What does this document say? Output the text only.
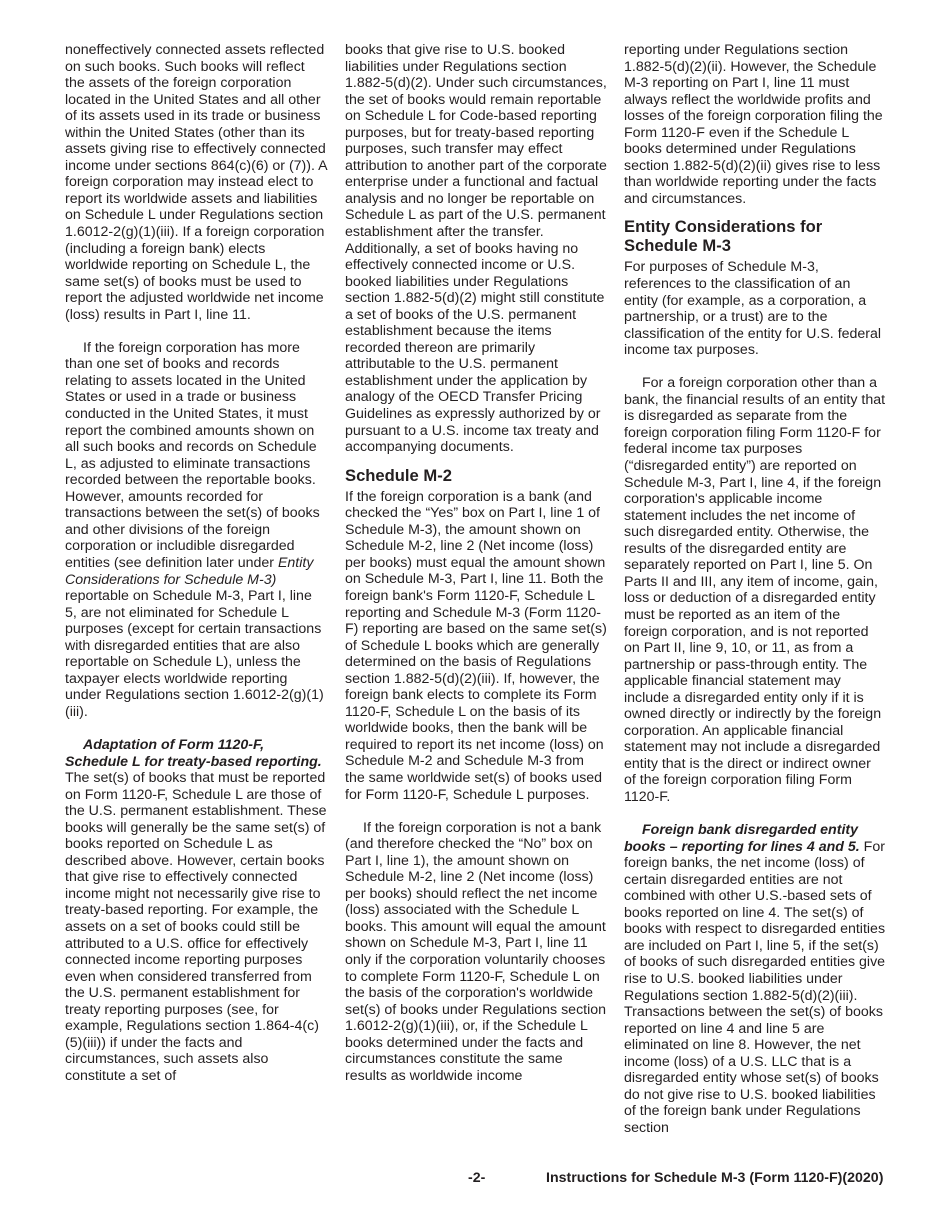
noneffectively connected assets reflected on such books. Such books will reflect the assets of the foreign corporation located in the United States and all other of its assets used in its trade or business within the United States (other than its assets giving rise to effectively connected income under sections 864(c)(6) or (7)). A foreign corporation may instead elect to report its worldwide assets and liabilities on Schedule L under Regulations section 1.6012-2(g)(1)(iii). If a foreign corporation (including a foreign bank) elects worldwide reporting on Schedule L, the same set(s) of books must be used to report the adjusted worldwide net income (loss) results in Part I, line 11.

If the foreign corporation has more than one set of books and records relating to assets located in the United States or used in a trade or business conducted in the United States, it must report the combined amounts shown on all such books and records on Schedule L, as adjusted to eliminate transactions recorded between the reportable books. However, amounts recorded for transactions between the set(s) of books and other divisions of the foreign corporation or includible disregarded entities (see definition later under Entity Considerations for Schedule M-3) reportable on Schedule M-3, Part I, line 5, are not eliminated for Schedule L purposes (except for certain transactions with disregarded entities that are also reportable on Schedule L), unless the taxpayer elects worldwide reporting under Regulations section 1.6012-2(g)(1)(iii).

Adaptation of Form 1120-F, Schedule L for treaty-based reporting. The set(s) of books that must be reported on Form 1120-F, Schedule L are those of the U.S. permanent establishment. These books will generally be the same set(s) of books reported on Schedule L as described above. However, certain books that give rise to effectively connected income might not necessarily give rise to treaty-based reporting. For example, the assets on a set of books could still be attributed to a U.S. office for effectively connected income reporting purposes even when considered transferred from the U.S. permanent establishment for treaty reporting purposes (see, for example, Regulations section 1.864-4(c)(5)(iii)) if under the facts and circumstances, such assets also constitute a set of

books that give rise to U.S. booked liabilities under Regulations section 1.882-5(d)(2). Under such circumstances, the set of books would remain reportable on Schedule L for Code-based reporting purposes, but for treaty-based reporting purposes, such transfer may effect attribution to another part of the corporate enterprise under a functional and factual analysis and no longer be reportable on Schedule L as part of the U.S. permanent establishment after the transfer. Additionally, a set of books having no effectively connected income or U.S. booked liabilities under Regulations section 1.882-5(d)(2) might still constitute a set of books of the U.S. permanent establishment because the items recorded thereon are primarily attributable to the U.S. permanent establishment under the application by analogy of the OECD Transfer Pricing Guidelines as expressly authorized by or pursuant to a U.S. income tax treaty and accompanying documents.

Schedule M-2

If the foreign corporation is a bank (and checked the “Yes” box on Part I, line 1 of Schedule M-3), the amount shown on Schedule M-2, line 2 (Net income (loss) per books) must equal the amount shown on Schedule M-3, Part I, line 11. Both the foreign bank's Form 1120-F, Schedule L reporting and Schedule M-3 (Form 1120-F) reporting are based on the same set(s) of Schedule L books which are generally determined on the basis of Regulations section 1.882-5(d)(2)(iii). If, however, the foreign bank elects to complete its Form 1120-F, Schedule L on the basis of its worldwide books, then the bank will be required to report its net income (loss) on Schedule M-2 and Schedule M-3 from the same worldwide set(s) of books used for Form 1120-F, Schedule L purposes.

If the foreign corporation is not a bank (and therefore checked the “No” box on Part I, line 1), the amount shown on Schedule M-2, line 2 (Net income (loss) per books) should reflect the net income (loss) associated with the Schedule L books. This amount will equal the amount shown on Schedule M-3, Part I, line 11 only if the corporation voluntarily chooses to complete Form 1120-F, Schedule L on the basis of the corporation's worldwide set(s) of books under Regulations section 1.6012-2(g)(1)(iii), or, if the Schedule L books determined under the facts and circumstances constitute the same results as worldwide income

reporting under Regulations section 1.882-5(d)(2)(ii). However, the Schedule M-3 reporting on Part I, line 11 must always reflect the worldwide profits and losses of the foreign corporation filing the Form 1120-F even if the Schedule L books determined under Regulations section 1.882-5(d)(2)(ii) gives rise to less than worldwide reporting under the facts and circumstances.

Entity Considerations for Schedule M-3

For purposes of Schedule M-3, references to the classification of an entity (for example, as a corporation, a partnership, or a trust) are to the classification of the entity for U.S. federal income tax purposes.

For a foreign corporation other than a bank, the financial results of an entity that is disregarded as separate from the foreign corporation filing Form 1120-F for federal income tax purposes (“disregarded entity”) are reported on Schedule M-3, Part I, line 4, if the foreign corporation's applicable income statement includes the net income of such disregarded entity. Otherwise, the results of the disregarded entity are separately reported on Part I, line 5. On Parts II and III, any item of income, gain, loss or deduction of a disregarded entity must be reported as an item of the foreign corporation, and is not reported on Part II, line 9, 10, or 11, as from a partnership or pass-through entity. The applicable financial statement may include a disregarded entity only if it is owned directly or indirectly by the foreign corporation. An applicable financial statement may not include a disregarded entity that is the direct or indirect owner of the foreign corporation filing Form 1120-F.

Foreign bank disregarded entity books – reporting for lines 4 and 5. For foreign banks, the net income (loss) of certain disregarded entities are not combined with other U.S.-based sets of books reported on line 4. The set(s) of books with respect to disregarded entities are included on Part I, line 5, if the set(s) of books of such disregarded entities give rise to U.S. booked liabilities under Regulations section 1.882-5(d)(2)(iii). Transactions between the set(s) of books reported on line 4 and line 5 are eliminated on line 8. However, the net income (loss) of a U.S. LLC that is a disregarded entity whose set(s) of books do not give rise to U.S. booked liabilities of the foreign bank under Regulations section

-2-	Instructions for Schedule M-3 (Form 1120-F)(2020)
